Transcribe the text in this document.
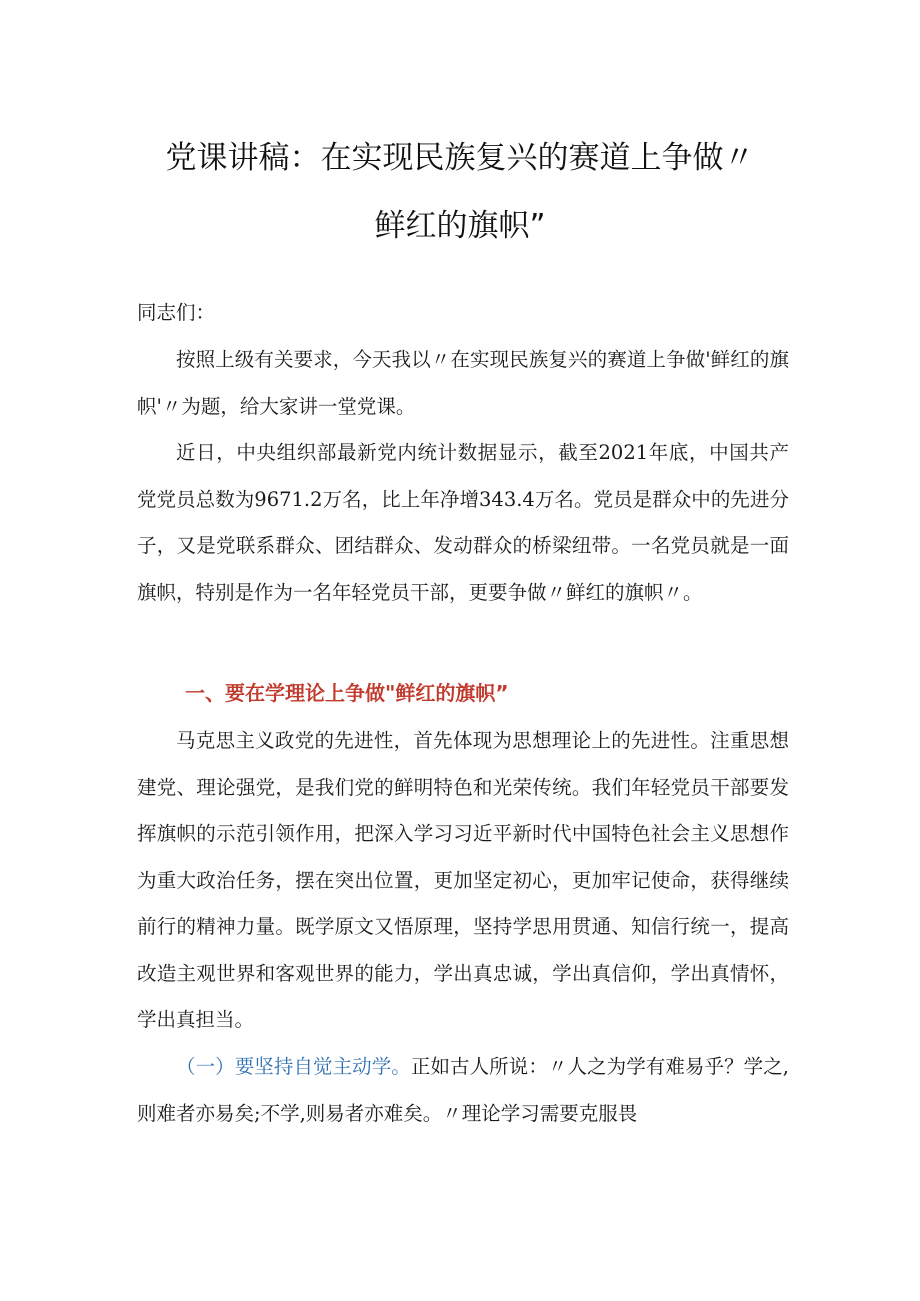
党课讲稿：在实现民族复兴的赛道上争做〃
鲜红的旗帜”

同志们：

按照上级有关要求，今天我以〃在实现民族复兴的赛道上争做'鲜红的旗帜'〃为题，给大家讲一堂党课。

近日，中央组织部最新党内统计数据显示，截至2021年底，中国共产党党员总数为9671.2万名，比上年净增343.4万名。党员是群众中的先进分子，又是党联系群众、团结群众、发动群众的桥梁纽带。一名党员就是一面旗帜，特别是作为一名年轻党员干部，更要争做〃鲜红的旗帜〃。

一、要在学理论上争做"鲜红的旗帜”

马克思主义政党的先进性，首先体现为思想理论上的先进性。注重思想建党、理论强党，是我们党的鲜明特色和光荣传统。我们年轻党员干部要发挥旗帜的示范引领作用，把深入学习习近平新时代中国特色社会主义思想作为重大政治任务，摆在突出位置，更加坚定初心，更加牢记使命，获得继续前行的精神力量。既学原文又悟原理，坚持学思用贯通、知信行统一，提高改造主观世界和客观世界的能力，学出真忠诚，学出真信仰，学出真情怀，学出真担当。

（一）要坚持自觉主动学。正如古人所说：〃人之为学有难易乎？学之,则难者亦易矣;不学,则易者亦难矣。〃理论学习需要克服畏
